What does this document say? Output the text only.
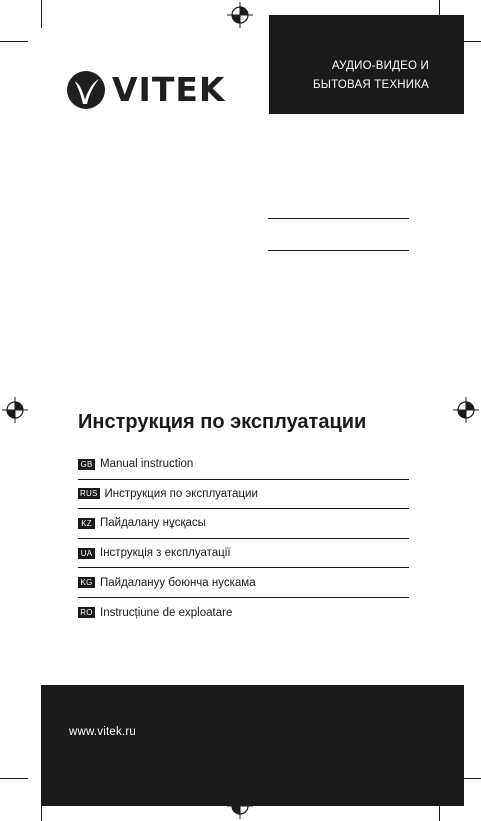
АУДИО-ВИДЕО И
БЫТОВАЯ ТЕХНИКА
VITEK
Инструкция по эксплуатации
GB Manual instruction
RUS Инструкция по эксплуатации
KZ Пайдалану нұсқасы
UA Інструкція з експлуатації
KG Пайдалануу боюнча нускама
RO Instrucțiune de exploatare
www.vitek.ru
